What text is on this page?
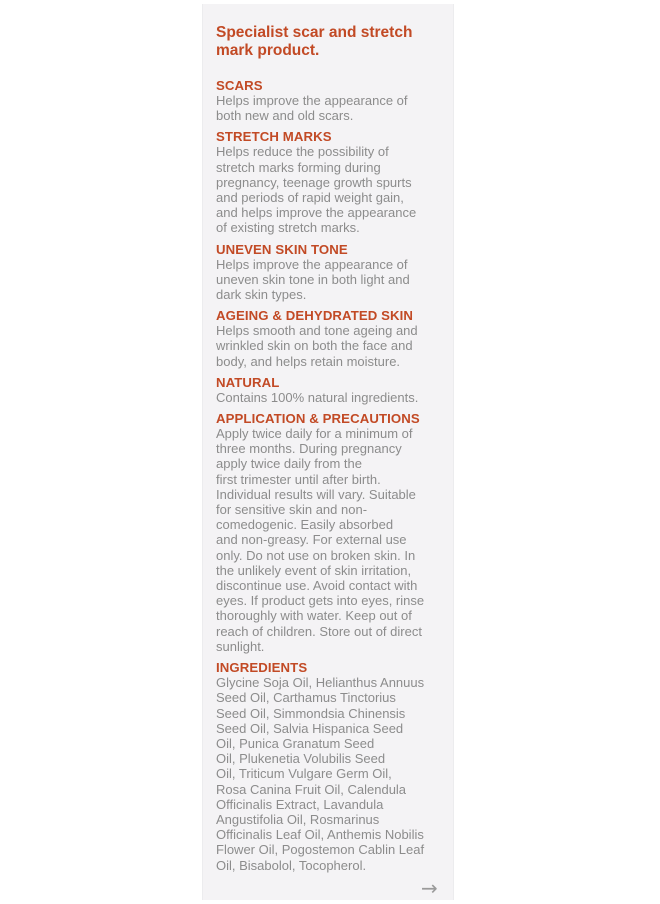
Specialist scar and stretch
mark product.

SCARS

Helps improve the appearance of
both new and old scars.

STRETCH MARKS

Helps reduce the possibility of
stretch marks forming during
pregnancy, teenage growth spurts
and periods of rapid weight gain,
and helps improve the appearance
of existing stretch marks.

UNEVEN SKIN TONE

Helps improve the appearance of
uneven skin tone in both light and
dark skin types.

AGEING & DEHYDRATED SKIN

Helps smooth and tone ageing and
wrinkled skin on both the face and
body, and helps retain moisture.

NATURAL

Contains 100% natural ingredients.

APPLICATION & PRECAUTIONS

Apply twice daily for a minimum of
three months. During pregnancy
apply twice daily from the
first trimester until after birth.
Individual results will vary. Suitable
for sensitive skin and non-
comedogenic. Easily absorbed
and non-greasy. For external use
only. Do not use on broken skin. In
the unlikely event of skin irritation,
discontinue use. Avoid contact with
eyes. If product gets into eyes, rinse
thoroughly with water. Keep out of
reach of children. Store out of direct
sunlight.

INGREDIENTS

Glycine Soja Oil, Helianthus Annuus
Seed Oil, Carthamus Tinctorius
Seed Oil, Simmondsia Chinensis
Seed Oil, Salvia Hispanica Seed
Oil, Punica Granatum Seed
Oil, Plukenetia Volubilis Seed
Oil, Triticum Vulgare Germ Oil,
Rosa Canina Fruit Oil, Calendula
Officinalis Extract, Lavandula
Angustifolia Oil, Rosmarinus
Officinalis Leaf Oil, Anthemis Nobilis
Flower Oil, Pogostemon Cablin Leaf
Oil, Bisabolol, Tocopherol.

→
